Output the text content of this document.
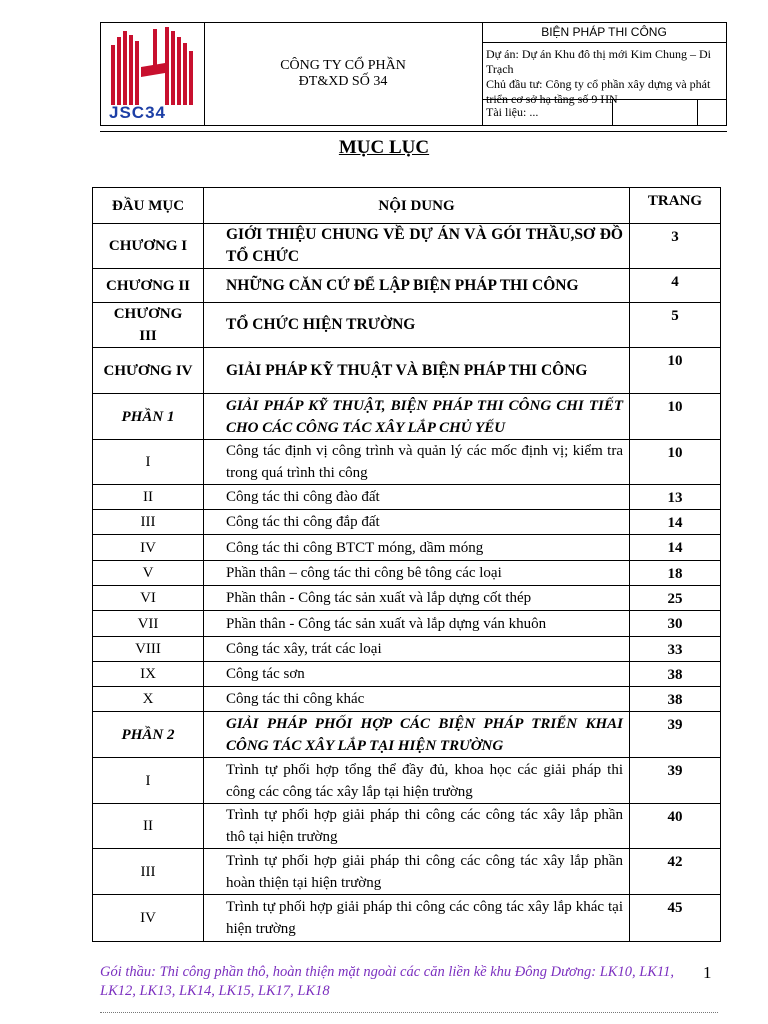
JSC34
CÔNG TY CỔ PHẦN
ĐT&XD SỐ 34
BIỆN PHÁP THI CÔNG
Dự án: Dự án Khu đô thị mới Kim Chung – Di Trạch
Chủ đầu tư: Công ty cổ phần xây dựng và phát triển cơ sở hạ tầng số 9 HN
Tài liệu: ...
MỤC LỤC
ĐẦU MỤC	NỘI DUNG	TRANG
CHƯƠNG I	GIỚI THIỆU CHUNG VỀ DỰ ÁN VÀ GÓI THẦU,SƠ ĐỒ TỔ CHỨC	3
CHƯƠNG II	NHỮNG CĂN CỨ ĐỂ LẬP BIỆN PHÁP THI CÔNG	4
CHƯƠNG III	TỔ CHỨC HIỆN TRƯỜNG	5
CHƯƠNG IV	GIẢI PHÁP KỸ THUẬT VÀ BIỆN PHÁP THI CÔNG	10
PHẦN 1	GIẢI PHÁP KỸ THUẬT, BIỆN PHÁP THI CÔNG CHI TIẾT CHO CÁC CÔNG TÁC XÂY LẮP CHỦ YẾU	10
I	Công tác định vị công trình và quản lý các mốc định vị; kiểm tra trong quá trình thi công	10
II	Công tác thi công đào đất	13
III	Công tác thi công đắp đất	14
IV	Công tác thi công BTCT móng, dầm móng	14
V	Phần thân – công tác thi công bê tông các loại	18
VI	Phần thân - Công tác sản xuất và lắp dựng cốt thép	25
VII	Phần thân - Công tác sản xuất và lắp dựng ván khuôn	30
VIII	Công tác xây, trát các loại	33
IX	Công tác sơn	38
X	Công tác thi công khác	38
PHẦN 2	GIẢI PHÁP PHỐI HỢP CÁC BIỆN PHÁP TRIỂN KHAI CÔNG TÁC XÂY LẮP TẠI HIỆN TRƯỜNG	39
I	Trình tự phối hợp tổng thể đầy đủ, khoa học các giải pháp thi công các công tác xây lắp tại hiện trường	39
II	Trình tự phối hợp giải pháp thi công các công tác xây lắp phần thô tại hiện trường	40
III	Trình tự phối hợp giải pháp thi công các công tác xây lắp phần hoàn thiện tại hiện trường	42
IV	Trình tự phối hợp giải pháp thi công các công tác xây lắp khác tại hiện trường	45
Gói thầu: Thi công phần thô, hoàn thiện mặt ngoài các căn liền kề khu Đông Dương: LK10, LK11, LK12, LK13, LK14, LK15, LK17, LK18
1
